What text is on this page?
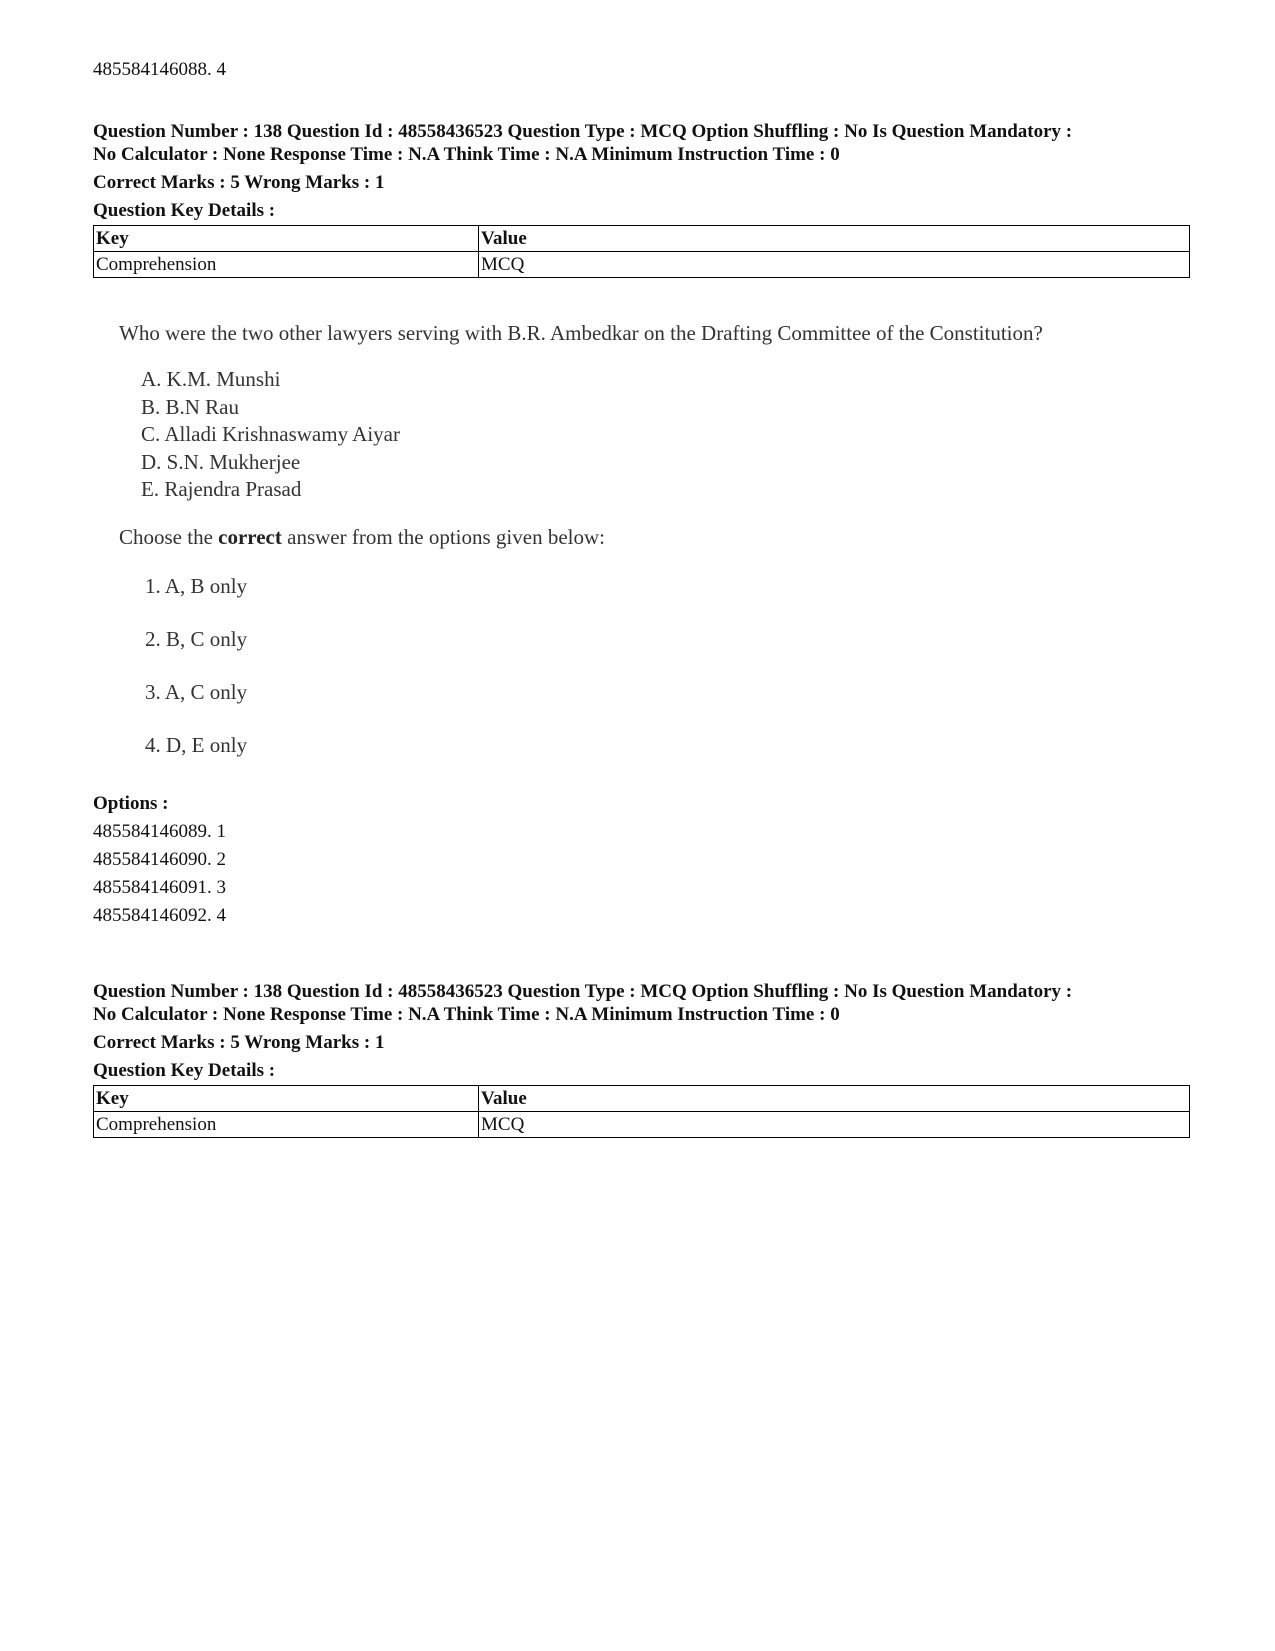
485584146088. 4
Question Number : 138 Question Id : 48558436523 Question Type : MCQ Option Shuffling : No Is Question Mandatory :
No Calculator : None Response Time : N.A Think Time : N.A Minimum Instruction Time : 0
Correct Marks : 5 Wrong Marks : 1
Question Key Details :
Key	Value
Comprehension	MCQ
Who were the two other lawyers serving with B.R. Ambedkar on the Drafting Committee of the Constitution?
A. K.M. Munshi
B. B.N Rau
C. Alladi Krishnaswamy Aiyar
D. S.N. Mukherjee
E. Rajendra Prasad
Choose the correct answer from the options given below:
1. A, B only
2. B, C only
3. A, C only
4. D, E only
Options :
485584146089. 1
485584146090. 2
485584146091. 3
485584146092. 4
Question Number : 138 Question Id : 48558436523 Question Type : MCQ Option Shuffling : No Is Question Mandatory :
No Calculator : None Response Time : N.A Think Time : N.A Minimum Instruction Time : 0
Correct Marks : 5 Wrong Marks : 1
Question Key Details :
Key	Value
Comprehension	MCQ
